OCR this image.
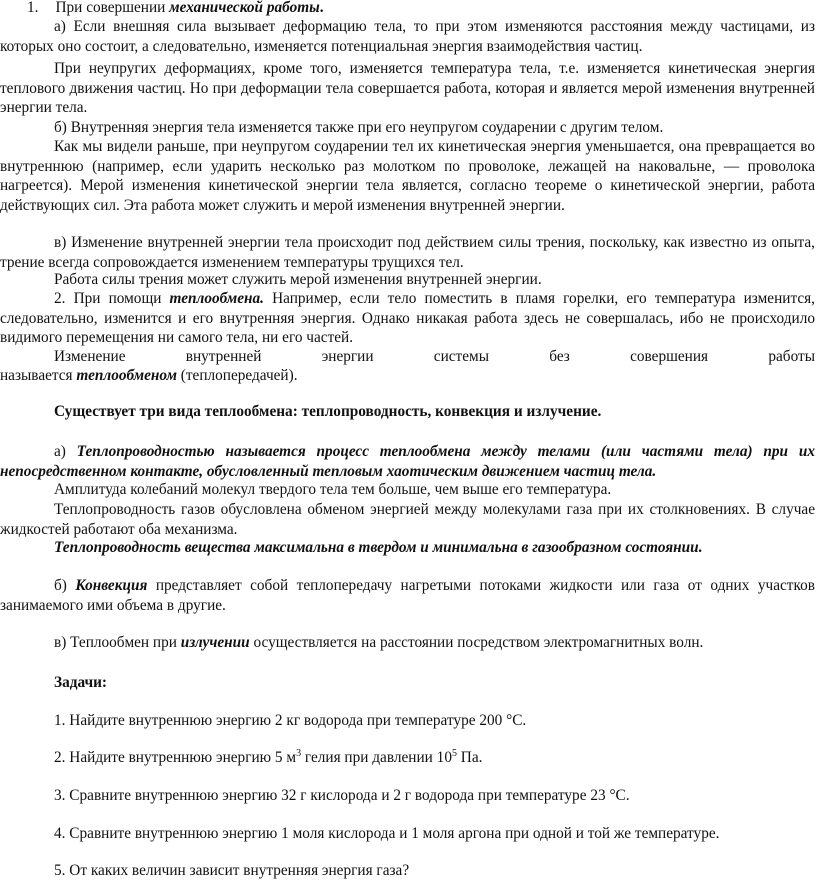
1. При совершении механической работы.

а) Если внешняя сила вызывает деформацию тела, то при этом изменяются расстояния между частицами, из которых оно состоит, а следовательно, изменяется потенциальная энергия взаимодействия частиц.

При неупругих деформациях, кроме того, изменяется температура тела, т.е. изменяется кинетическая энергия теплового движения частиц. Но при деформации тела совершается работа, которая и является мерой изменения внутренней энергии тела.

б) Внутренняя энергия тела изменяется также при его неупругом соударении с другим телом.

Как мы видели раньше, при неупругом соударении тел их кинетическая энергия уменьшается, она превращается во внутреннюю (например, если ударить несколько раз молотком по проволоке, лежащей на наковальне, — проволока нагреется). Мерой изменения кинетической энергии тела является, согласно теореме о кинетической энергии, работа действующих сил. Эта работа может служить и мерой изменения внутренней энергии.

в) Изменение внутренней энергии тела происходит под действием силы трения, поскольку, как известно из опыта, трение всегда сопровождается изменением температуры трущихся тел.

Работа силы трения может служить мерой изменения внутренней энергии.

2. При помощи теплообмена. Например, если тело поместить в пламя горелки, его температура изменится, следовательно, изменится и его внутренняя энергия. Однако никакая работа здесь не совершалась, ибо не происходило видимого перемещения ни самого тела, ни его частей.

Изменение	внутренней	энергии	системы	без	совершения	работы

называется теплообменом (теплопередачей).

Существует три вида теплообмена: теплопроводность, конвекция и излучение.

а) Теплопроводностью называется процесс теплообмена между телами (или частями тела) при их непосредственном контакте, обусловленный тепловым хаотическим движением частиц тела.

Амплитуда колебаний молекул твердого тела тем больше, чем выше его температура.

Теплопроводность газов обусловлена обменом энергией между молекулами газа при их столкновениях. В случае жидкостей работают оба механизма.

Теплопроводность вещества максимальна в твердом и минимальна в газообразном состоянии.

б) Конвекция представляет собой теплопередачу нагретыми потоками жидкости или газа от одних участков занимаемого ими объема в другие.

в) Теплообмен при излучении осуществляется на расстоянии посредством электромагнитных волн.

Задачи:

1. Найдите внутреннюю энергию 2 кг водорода при температуре 200 °С.

2. Найдите внутреннюю энергию 5 $м^3$ гелия при давлении $10^5$ Па.

3. Сравните внутреннюю энергию 32 г кислорода и 2 г водорода при температуре 23 °С.

4. Сравните внутреннюю энергию 1 моля кислорода и 1 моля аргона при одной и той же температуре.

5. От каких величин зависит внутренняя энергия газа?
